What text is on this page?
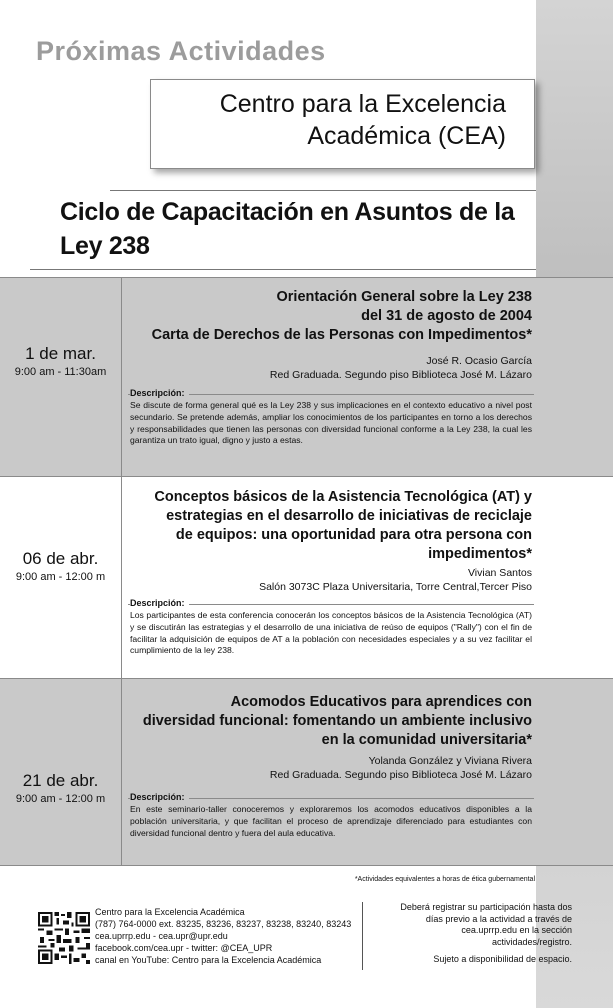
Próximas Actividades
Centro para la Excelencia
Académica (CEA)
Ciclo de Capacitación en Asuntos de la Ley 238
1 de mar.
9:00 am - 11:30am
Orientación General sobre la Ley 238
del 31 de agosto de 2004
Carta de Derechos de las Personas con Impedimentos*
José R. Ocasio García
Red Graduada. Segundo piso Biblioteca José M. Lázaro
Descripción:
Se discute de forma general qué es la Ley 238 y sus implicaciones en el contexto educativo a nivel post secundario. Se pretende además, ampliar los conocimientos de los participantes en torno a los derechos y responsabilidades que tienen las personas con diversidad funcional conforme a la Ley 238, la cual les garantiza un trato igual, digno y justo a estas.
06 de abr.
9:00 am - 12:00 m
Conceptos básicos de la Asistencia Tecnológica (AT) y
estrategias en el desarrollo de iniciativas de reciclaje
de equipos: una oportunidad para otra persona con
impedimentos*
Vivian Santos
Salón 3073C Plaza Universitaria, Torre Central,Tercer Piso
Descripción:
Los participantes de esta conferencia conocerán los conceptos básicos de la Asistencia Tecnológica (AT) y se discutirán las estrategias y el desarrollo de una iniciativa de reúso de equipos ("Rally") con el fin de facilitar la adquisición de equipos de AT a la población con necesidades especiales y a su vez facilitar el cumplimiento de la ley 238.
21 de abr.
9:00 am - 12:00 m
Acomodos Educativos para aprendices con
diversidad funcional: fomentando un ambiente inclusivo
en la comunidad universitaria*
Yolanda González y Viviana Rivera
Red Graduada. Segundo piso Biblioteca José M. Lázaro
Descripción:
En este seminario-taller conoceremos y exploraremos los acomodos educativos disponibles a la población universitaria, y que facilitan el proceso de aprendizaje diferenciado para estudiantes con diversidad funcional dentro y fuera del aula educativa.
*Actividades equivalentes a horas de ética gubernamental
Centro para la Excelencia Académica
(787) 764-0000 ext. 83235, 83236, 83237, 83238, 83240, 83243
cea.uprrp.edu - cea.upr@upr.edu
facebook.com/cea.upr - twitter: @CEA_UPR
canal en YouTube: Centro para la Excelencia Académica
Deberá registrar su participación hasta dos
días previo a la actividad a través de
cea.uprrp.edu en la sección
actividades/registro.
Sujeto a disponibilidad de espacio.
